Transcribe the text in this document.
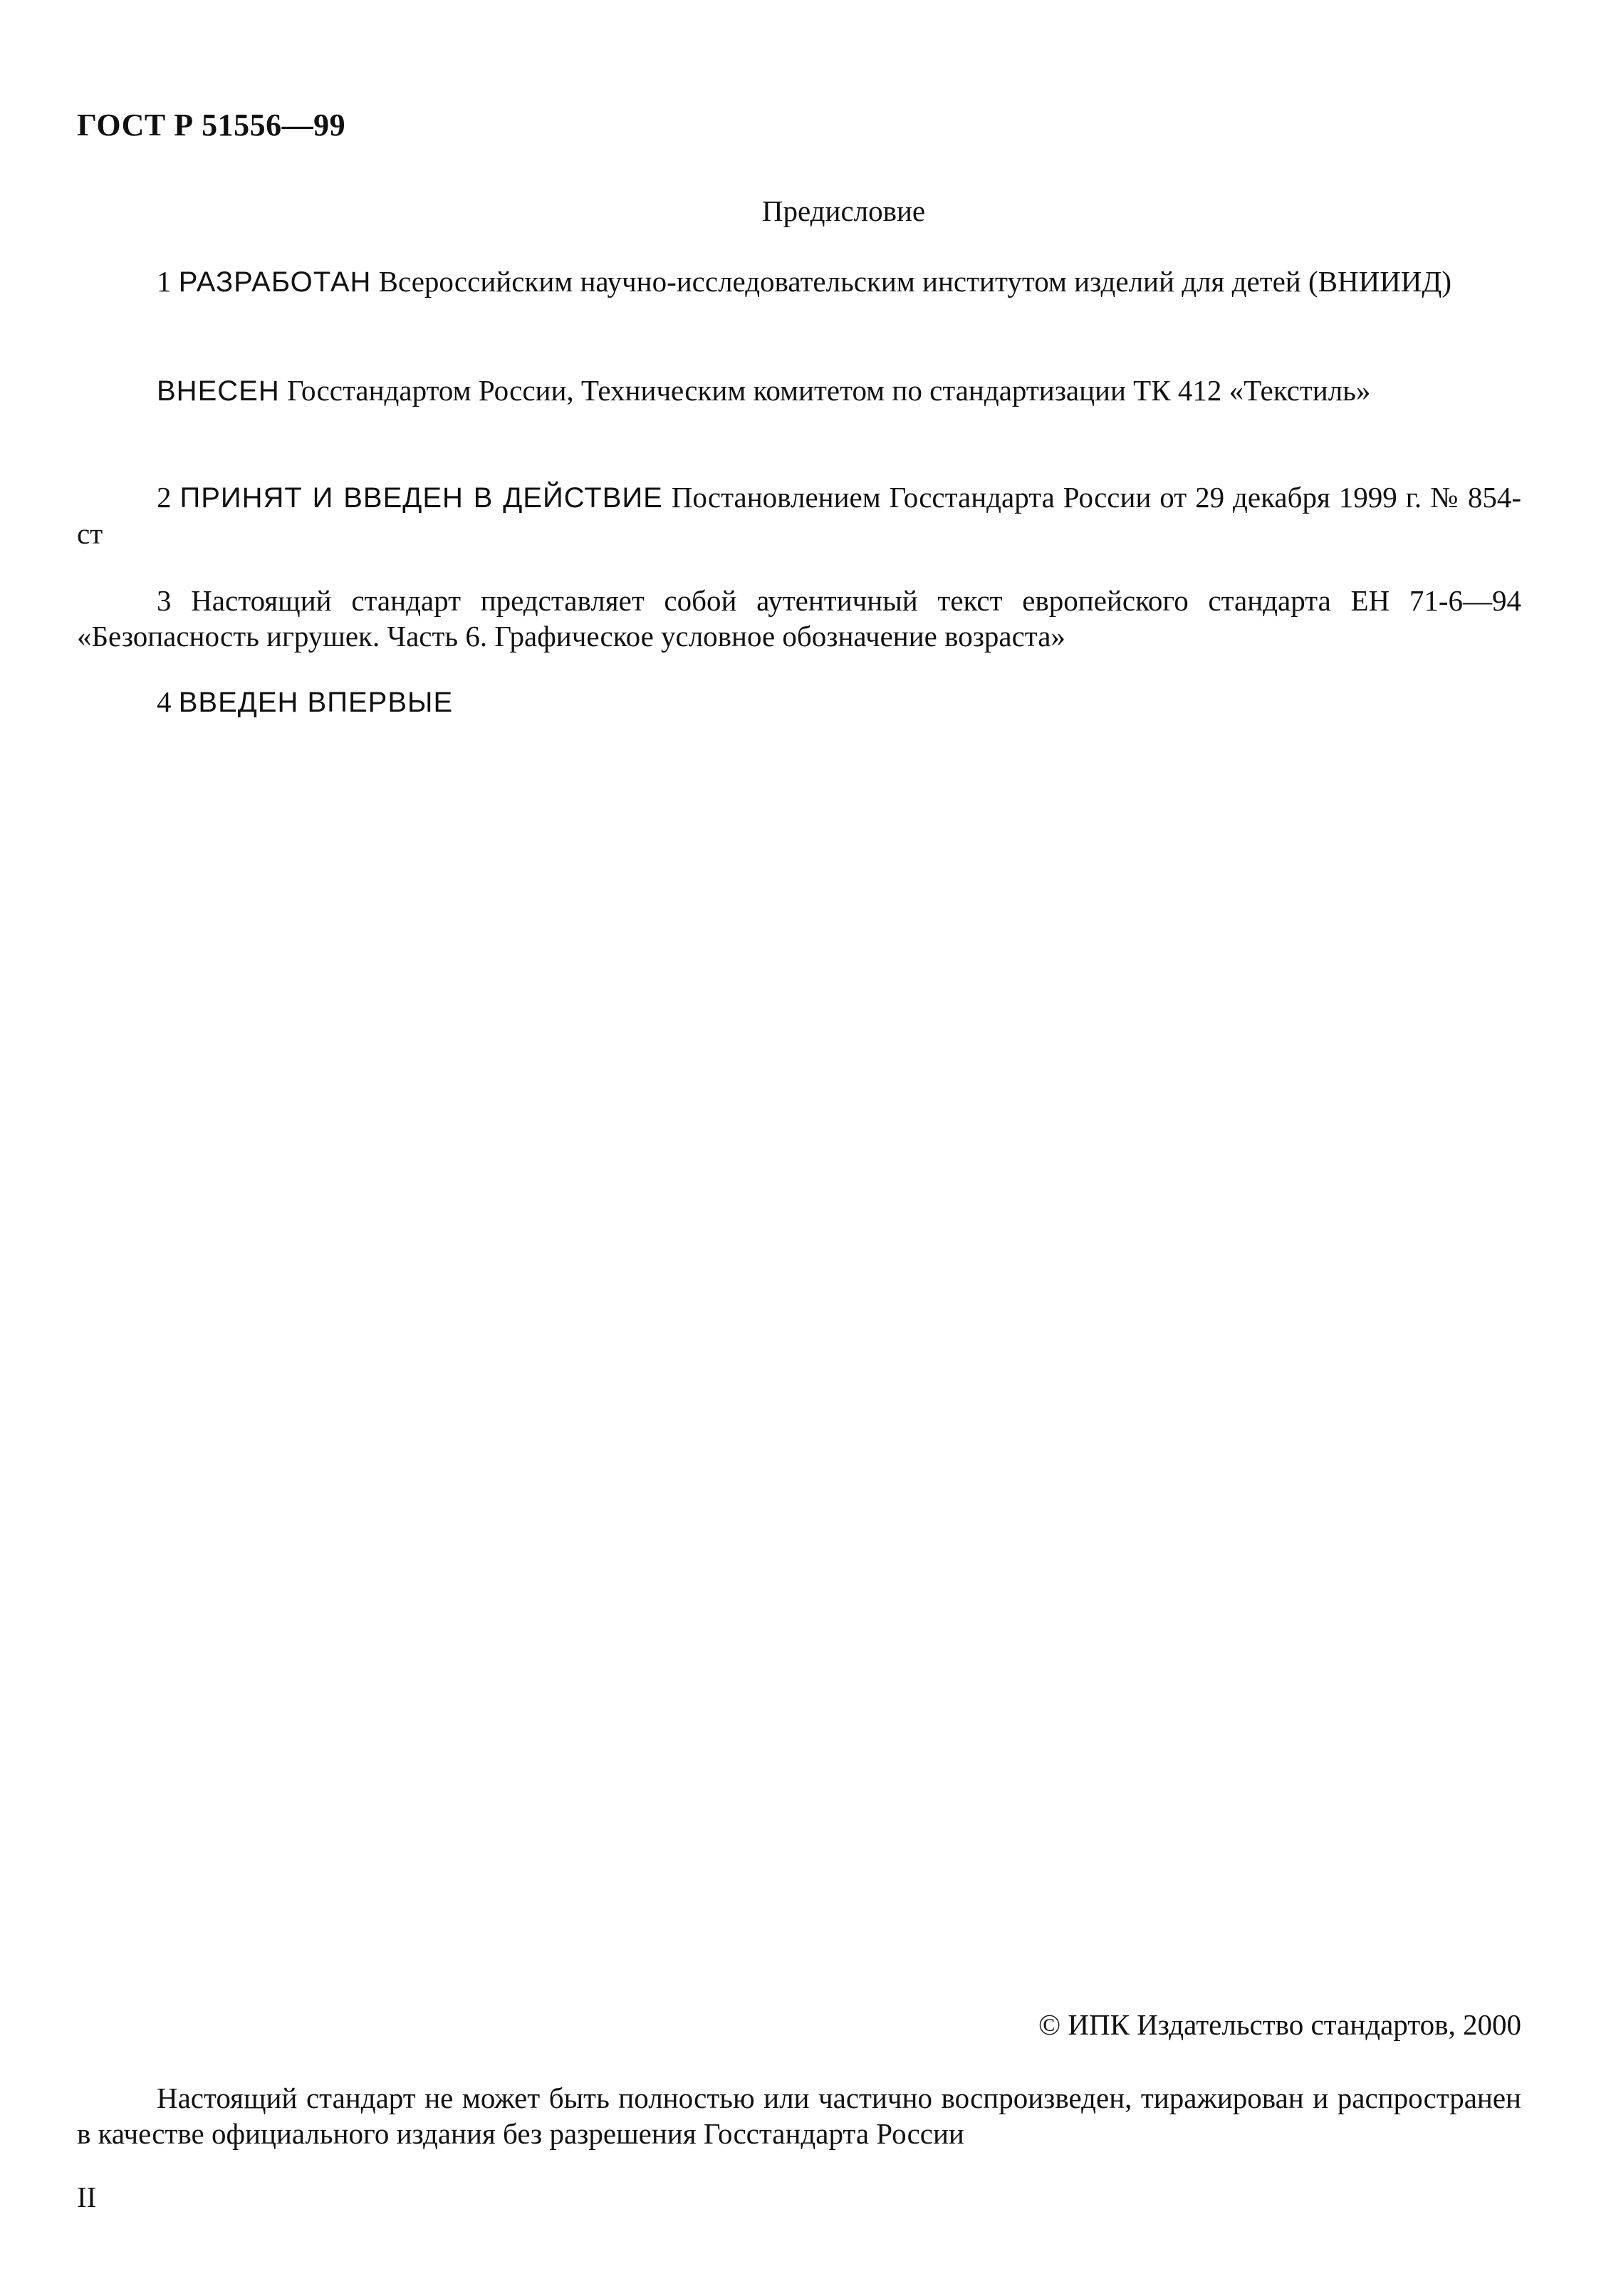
ГОСТ Р 51556—99
Предисловие
1 РАЗРАБОТАН Всероссийским научно-исследовательским институтом изделий для детей (ВНИИИД)
ВНЕСЕН Госстандартом России, Техническим комитетом по стандартизации ТК 412 «Текстиль»
2 ПРИНЯТ И ВВЕДЕН В ДЕЙСТВИЕ Постановлением Госстандарта России от 29 декабря 1999 г. № 854-ст
3 Настоящий стандарт представляет собой аутентичный текст европейского стандарта ЕН 71-6—94 «Безопасность игрушек. Часть 6. Графическое условное обозначение возраста»
4 ВВЕДЕН ВПЕРВЫЕ
© ИПК Издательство стандартов, 2000
Настоящий стандарт не может быть полностью или частично воспроизведен, тиражирован и распространен в качестве официального издания без разрешения Госстандарта России
II
